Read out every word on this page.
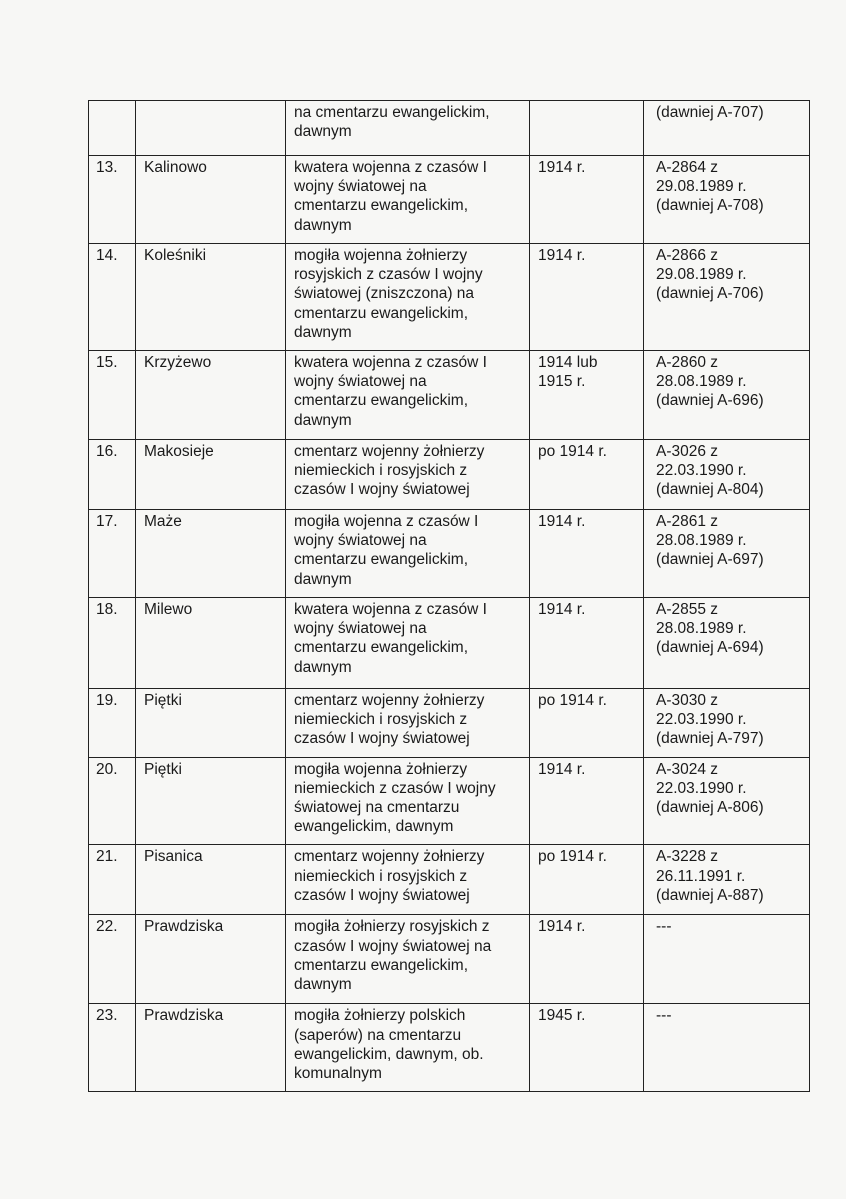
		na cmentarzu ewangelickim,
dawnym		(dawniej A-707)
13.	Kalinowo	kwatera wojenna z czasów I
wojny światowej na
cmentarzu ewangelickim,
dawnym	1914 r.	A-2864 z
29.08.1989 r.
(dawniej A-708)
14.	Koleśniki	mogiła wojenna żołnierzy
rosyjskich z czasów I wojny
światowej (zniszczona) na
cmentarzu ewangelickim,
dawnym	1914 r.	A-2866 z
29.08.1989 r.
(dawniej A-706)
15.	Krzyżewo	kwatera wojenna z czasów I
wojny światowej na
cmentarzu ewangelickim,
dawnym	1914 lub
1915 r.	A-2860 z
28.08.1989 r.
(dawniej A-696)
16.	Makosieje	cmentarz wojenny żołnierzy
niemieckich i rosyjskich z
czasów I wojny światowej	po 1914 r.	A-3026 z
22.03.1990 r.
(dawniej A-804)
17.	Maże	mogiła wojenna z czasów I
wojny światowej na
cmentarzu ewangelickim,
dawnym	1914 r.	A-2861 z
28.08.1989 r.
(dawniej A-697)
18.	Milewo	kwatera wojenna z czasów I
wojny światowej na
cmentarzu ewangelickim,
dawnym	1914 r.	A-2855 z
28.08.1989 r.
(dawniej A-694)
19.	Piętki	cmentarz wojenny żołnierzy
niemieckich i rosyjskich z
czasów I wojny światowej	po 1914 r.	A-3030 z
22.03.1990 r.
(dawniej A-797)
20.	Piętki	mogiła wojenna żołnierzy
niemieckich z czasów I wojny
światowej na cmentarzu
ewangelickim, dawnym	1914 r.	A-3024 z
22.03.1990 r.
(dawniej A-806)
21.	Pisanica	cmentarz wojenny żołnierzy
niemieckich i rosyjskich z
czasów I wojny światowej	po 1914 r.	A-3228 z
26.11.1991 r.
(dawniej A-887)
22.	Prawdziska	mogiła żołnierzy rosyjskich z
czasów I wojny światowej na
cmentarzu ewangelickim,
dawnym	1914 r.	---
23.	Prawdziska	mogiła żołnierzy polskich
(saperów) na cmentarzu
ewangelickim, dawnym, ob.
komunalnym	1945 r.	---
